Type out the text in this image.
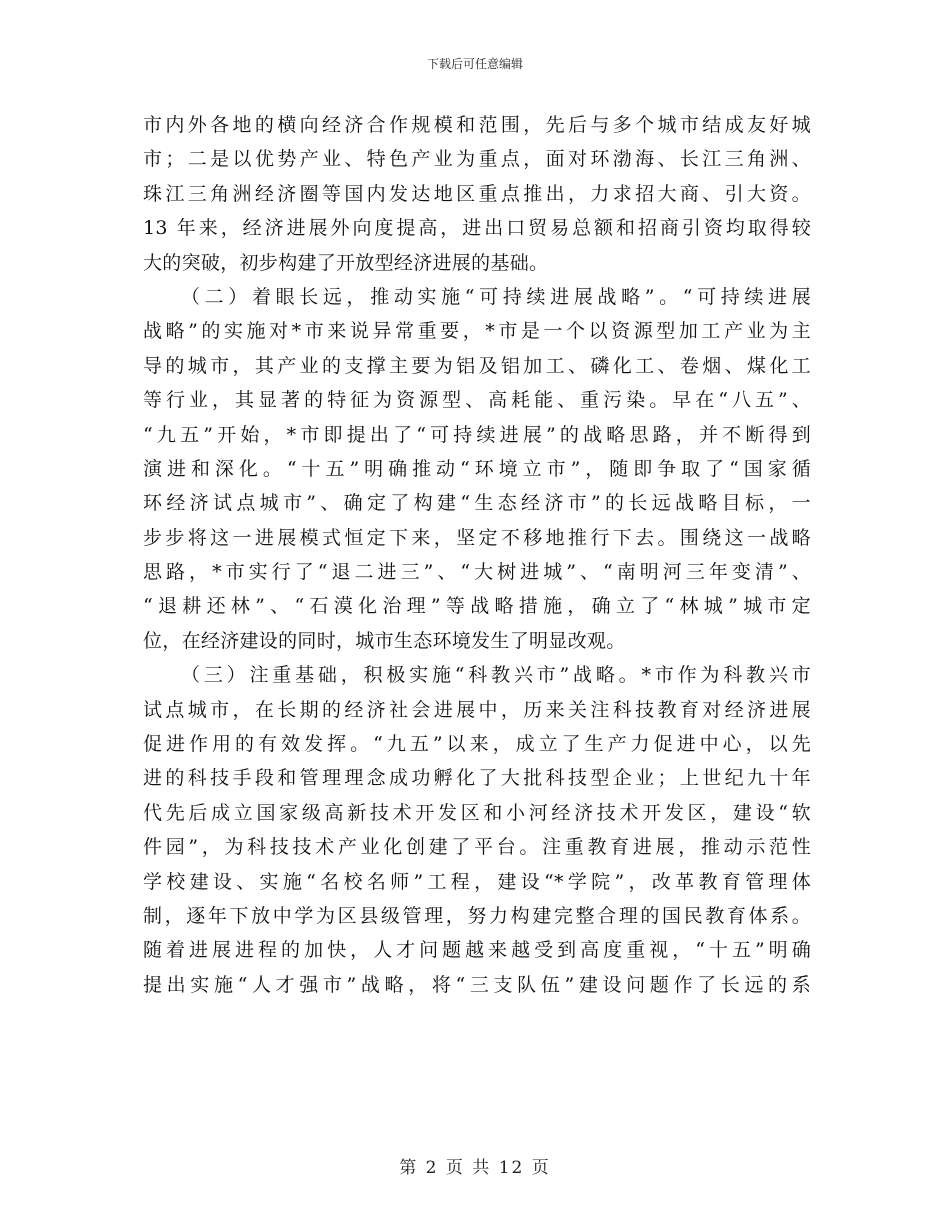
下载后可任意编辑
市内外各地的横向经济合作规模和范围，先后与多个城市结成友好城
市；二是以优势产业、特色产业为重点，面对环渤海、长江三角洲、
珠江三角洲经济圈等国内发达地区重点推出，力求招大商、引大资。
13 年来，经济进展外向度提高，进出口贸易总额和招商引资均取得较
大的突破，初步构建了开放型经济进展的基础。
（二）着眼长远，推动实施“可持续进展战略”。“可持续进展
战略”的实施对*市来说异常重要，*市是一个以资源型加工产业为主
导的城市，其产业的支撑主要为铝及铝加工、磷化工、卷烟、煤化工
等行业，其显著的特征为资源型、高耗能、重污染。早在“八五”、
“九五”开始，*市即提出了“可持续进展”的战略思路，并不断得到
演进和深化。“十五”明确推动“环境立市”，随即争取了“国家循
环经济试点城市”、确定了构建“生态经济市”的长远战略目标，一
步步将这一进展模式恒定下来，坚定不移地推行下去。围绕这一战略
思路，*市实行了“退二进三”、“大树进城”、“南明河三年变清”、
“退耕还林”、“石漠化治理”等战略措施，确立了“林城”城市定
位，在经济建设的同时，城市生态环境发生了明显改观。
（三）注重基础，积极实施“科教兴市”战略。*市作为科教兴市
试点城市，在长期的经济社会进展中，历来关注科技教育对经济进展
促进作用的有效发挥。“九五”以来，成立了生产力促进中心，以先
进的科技手段和管理理念成功孵化了大批科技型企业；上世纪九十年
代先后成立国家级高新技术开发区和小河经济技术开发区，建设“软
件园”，为科技技术产业化创建了平台。注重教育进展，推动示范性
学校建设、实施“名校名师”工程，建设“*学院”，改革教育管理体
制，逐年下放中学为区县级管理，努力构建完整合理的国民教育体系。
随着进展进程的加快，人才问题越来越受到高度重视，“十五”明确
提出实施“人才强市”战略，将“三支队伍”建设问题作了长远的系
第 2 页 共 12 页
